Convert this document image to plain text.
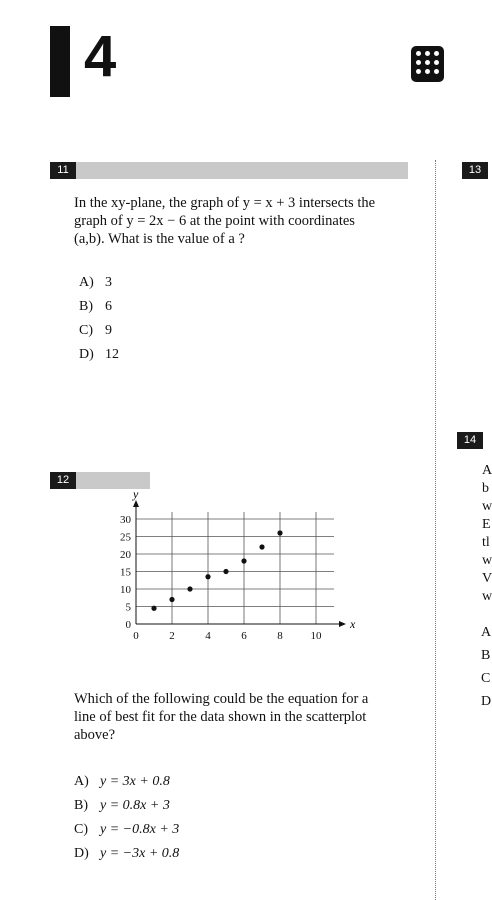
4
11
In the xy-plane, the graph of y = x + 3 intersects the
graph of y = 2x − 6 at the point with coordinates
(a,b). What is the value of a ?
A) 3
B) 6
C) 9
D) 12
12
0	2	4	6	8	10
0
5
10
15
20
25
30
x
y
Which of the following could be the equation for a
line of best fit for the data shown in the scatterplot
above?
A) y = 3x + 0.8
B) y = 0.8x + 3
C) y = −0.8x + 3
D) y = −3x + 0.8
13
14
A
b
w
E
tl
w
V
w
A
B
C
D
